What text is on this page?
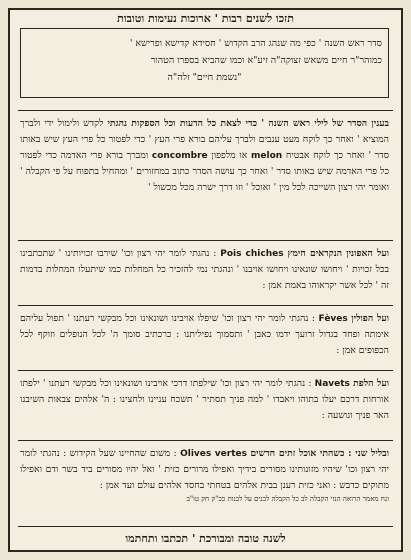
תזכו לשנים רבות ' ארוכות נעימות וטובות

סדר ראש השנה ' כפי מה שנהג הרב הקדוש ' חסידא קדישא ופרישא '

כמוהר"ר חיים משאש זצוקה"ה זיע"א וכמו שהביא בספרו הטהור

"נשמת חיים" זלה"ה

בענין הסדר של לילי ראש השנה ' כדי לצאת כל הדעות וכל הספקות נהגתי לקדש ולימול ידי ולברך המוציא ' ואחר כך לוקח מעט ענבים ולברך עליהם בורא פרי העץ ' כדי לפטור כל פרי העץ שיש באותו סדר ' ואחר כך לוקח אבטיח melon או מלפפון concombre ומברך בורא פרי האדמה כדי לפטור כל פרי האדמה שיש באותו סדר ' ואחר כך עושה הסדר כתוב במחזורים ' ומהחיל בתפוח על פי הקבלה ' ואומר יהי רצון השייכה לכל מין ' ואוכל ' וזו דרך ישרה מכל מכשול '

ועל האפונין הנקראים חימץ Pois chiches : נהגתי לומר יהי רצון וכו' שירבו זכויותינו ' שתכתבינו בכל זכויות ' ויחושו שונאינו ויחושו אויבנו ' ונהגתי נמי להזכיר כל המחלות כמו שיתעלו המחלות בדמות זה ' לכל אשר יקראוהו באמת אמן :

ועל הפולין Fèves : נהגתי לומר יהי רצון וכו' שיפלו אויבינו ושונאינו וכל מבקשי רעתנו ' תפול עליהם אימתה ופחד בגדול זרועך ידמו כאבן ' ותסמוך נפיליתנו : כרכתיב סומך ה' לכל הנופלים וזוקף לכל הכפופים אמן :

ועל הלפת Navets : נהגתי לומר יהי רצון וכו' שילפתו דרכי אויבינו ושונאינו וכל מבקשי רעתנו ' ילפתו אורחות דרכם יעלו בתוהו ויאבדו ' למה פניך תסתיר ' תשכח עניינו ולחצינו : ה' אלהים צבאות השיבנו האר פניך ונושעה :

ובליל שני : כשהתי אוכל זתים חדשים Olives vertes : משום שהחיינו שעל הקידוש : נהגתי לומר יהי רצון וכו' שיהיו מזונותינו מסורים בידיך ואפילו מרורים כזית ' ואל יהיו מסורים ביד בשר ודם ואפילו מתוקים כדבש : ואני כזית רענן בבית אלהים בטחתי בחסד אלהים עולם ועד אמן :

ונח מאמר הרואה הנזי הקבלה לב כל הקבלה לבנים על לבנות ככ"ק חק טו"ב

לשנה טובה ומבורכת ' תכתבו ותחתמו
